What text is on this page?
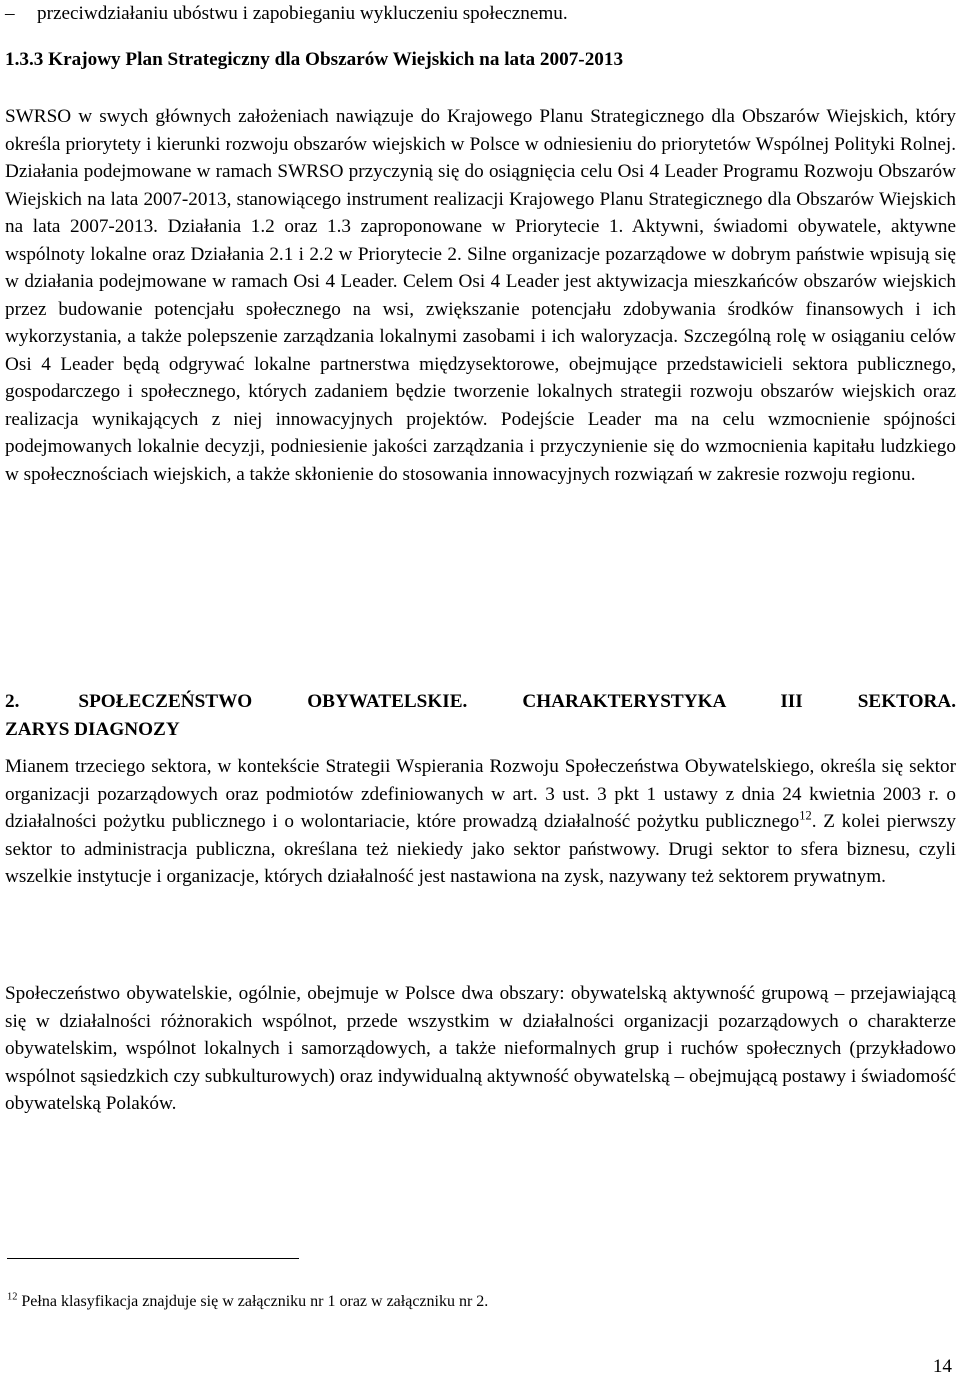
– przeciwdziałaniu ubóstwu i zapobieganiu wykluczeniu społecznemu.
1.3.3 Krajowy Plan Strategiczny dla Obszarów Wiejskich na lata 2007-2013

SWRSO w swych głównych założeniach nawiązuje do Krajowego Planu Strategicznego dla Obszarów Wiejskich, który określa priorytety i kierunki rozwoju obszarów wiejskich w Polsce w odniesieniu do priorytetów Wspólnej Polityki Rolnej. Działania podejmowane w ramach SWRSO przyczynią się do osiągnięcia celu Osi 4 Leader Programu Rozwoju Obszarów Wiejskich na lata 2007-2013, stanowiącego instrument realizacji Krajowego Planu Strategicznego dla Obszarów Wiejskich na lata 2007-2013. Działania 1.2 oraz 1.3 zaproponowane w Priorytecie 1. Aktywni, świadomi obywatele, aktywne wspólnoty lokalne oraz Działania 2.1 i 2.2 w Priorytecie 2. Silne organizacje pozarządowe w dobrym państwie wpisują się w działania podejmowane w ramach Osi 4 Leader. Celem Osi 4 Leader jest aktywizacja mieszkańców obszarów wiejskich przez budowanie potencjału społecznego na wsi, zwiększanie potencjału zdobywania środków finansowych i ich wykorzystania, a także polepszenie zarządzania lokalnymi zasobami i ich waloryzacja. Szczególną rolę w osiąganiu celów Osi 4 Leader będą odgrywać lokalne partnerstwa międzysektorowe, obejmujące przedstawicieli sektora publicznego, gospodarczego i społecznego, których zadaniem będzie tworzenie lokalnych strategii rozwoju obszarów wiejskich oraz realizacja wynikających z niej innowacyjnych projektów. Podejście Leader ma na celu wzmocnienie spójności podejmowanych lokalnie decyzji, podniesienie jakości zarządzania i przyczynienie się do wzmocnienia kapitału ludzkiego w społecznościach wiejskich, a także skłonienie do stosowania innowacyjnych rozwiązań w zakresie rozwoju regionu.

2.	SPOŁECZEŃSTWO OBYWATELSKIE. CHARAKTERYSTYKA III SEKTORA.
ZARYS DIAGNOZY

Mianem trzeciego sektora, w kontekście Strategii Wspierania Rozwoju Społeczeństwa Obywatelskiego, określa się sektor organizacji pozarządowych oraz podmiotów zdefiniowanych w art. 3 ust. 3 pkt 1 ustawy z dnia 24 kwietnia 2003 r. o działalności pożytku publicznego i o wolontariacie, które prowadzą działalność pożytku publicznego$^{12}$. Z kolei pierwszy sektor to administracja publiczna, określana też niekiedy jako sektor państwowy. Drugi sektor to sfera biznesu, czyli wszelkie instytucje i organizacje, których działalność jest nastawiona na zysk, nazywany też sektorem prywatnym.

Społeczeństwo obywatelskie, ogólnie, obejmuje w Polsce dwa obszary: obywatelską aktywność grupową – przejawiającą się w działalności różnorakich wspólnot, przede wszystkim w działalności organizacji pozarządowych o charakterze obywatelskim, wspólnot lokalnych i samorządowych, a także nieformalnych grup i ruchów społecznych (przykładowo wspólnot sąsiedzkich czy subkulturowych) oraz indywidualną aktywność obywatelską – obejmującą postawy i świadomość obywatelską Polaków.

$^{12}$ Pełna klasyfikacja znajduje się w załączniku nr 1 oraz w załączniku nr 2.
14
